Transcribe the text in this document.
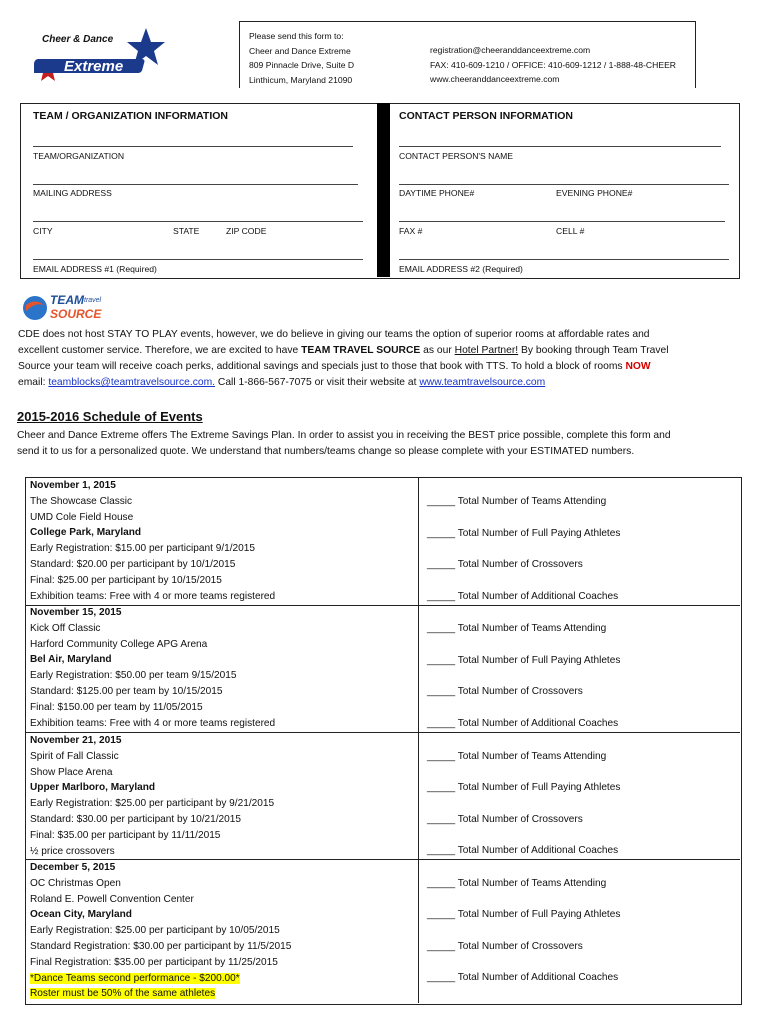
Cheer & Dance
Extreme
Please send this form to:
Cheer and Dance Extreme
809 Pinnacle Drive, Suite D
Linthicum, Maryland 21090
registration@cheeranddanceextreme.com
FAX: 410-609-1210 / OFFICE: 410-609-1212 / 1-888-48-CHEER
www.cheeranddanceextreme.com
TEAM / ORGANIZATION INFORMATION
TEAM/ORGANIZATION
MAILING ADDRESS
CITY	STATE	ZIP CODE
EMAIL ADDRESS #1 (Required)
CONTACT PERSON INFORMATION
CONTACT PERSON'S NAME
DAYTIME PHONE#	EVENING PHONE#
FAX #	CELL #
EMAIL ADDRESS #2 (Required)
TEAM travel
SOURCE
CDE does not host STAY TO PLAY events, however, we do believe in giving our teams the option of superior rooms at affordable rates and
excellent customer service. Therefore, we are excited to have TEAM TRAVEL SOURCE as our Hotel Partner! By booking through Team Travel
Source your team will receive coach perks, additional savings and specials just to those that book with TTS. To hold a block of rooms NOW
email: teamblocks@teamtravelsource.com. Call 1-866-567-7075 or visit their website at www.teamtravelsource.com
2015-2016 Schedule of Events
Cheer and Dance Extreme offers The Extreme Savings Plan. In order to assist you in receiving the BEST price possible, complete this form and
send it to us for a personalized quote. We understand that numbers/teams change so please complete with your ESTIMATED numbers.
November 1, 2015
The Showcase Classic
UMD Cole Field House
College Park, Maryland
Early Registration: $15.00 per participant 9/1/2015
Standard: $20.00 per participant by 10/1/2015
Final: $25.00 per participant by 10/15/2015
Exhibition teams: Free with 4 or more teams registered
_____ Total Number of Teams Attending
_____ Total Number of Full Paying Athletes
_____ Total Number of Crossovers
_____ Total Number of Additional Coaches
November 15, 2015
Kick Off Classic
Harford Community College APG Arena
Bel Air, Maryland
Early Registration: $50.00 per team 9/15/2015
Standard: $125.00 per team by 10/15/2015
Final: $150.00 per team by 11/05/2015
Exhibition teams: Free with 4 or more teams registered
_____ Total Number of Teams Attending
_____ Total Number of Full Paying Athletes
_____ Total Number of Crossovers
_____ Total Number of Additional Coaches
November 21, 2015
Spirit of Fall Classic
Show Place Arena
Upper Marlboro, Maryland
Early Registration: $25.00 per participant by 9/21/2015
Standard: $30.00 per participant by 10/21/2015
Final: $35.00 per participant by 11/11/2015
½ price crossovers
_____ Total Number of Teams Attending
_____ Total Number of Full Paying Athletes
_____ Total Number of Crossovers
_____ Total Number of Additional Coaches
December 5, 2015
OC Christmas Open
Roland E. Powell Convention Center
Ocean City, Maryland
Early Registration: $25.00 per participant by 10/05/2015
Standard Registration: $30.00 per participant by 11/5/2015
Final Registration: $35.00 per participant by 11/25/2015
*Dance Teams second performance - $200.00*
Roster must be 50% of the same athletes
_____ Total Number of Teams Attending
_____ Total Number of Full Paying Athletes
_____ Total Number of Crossovers
_____ Total Number of Additional Coaches
